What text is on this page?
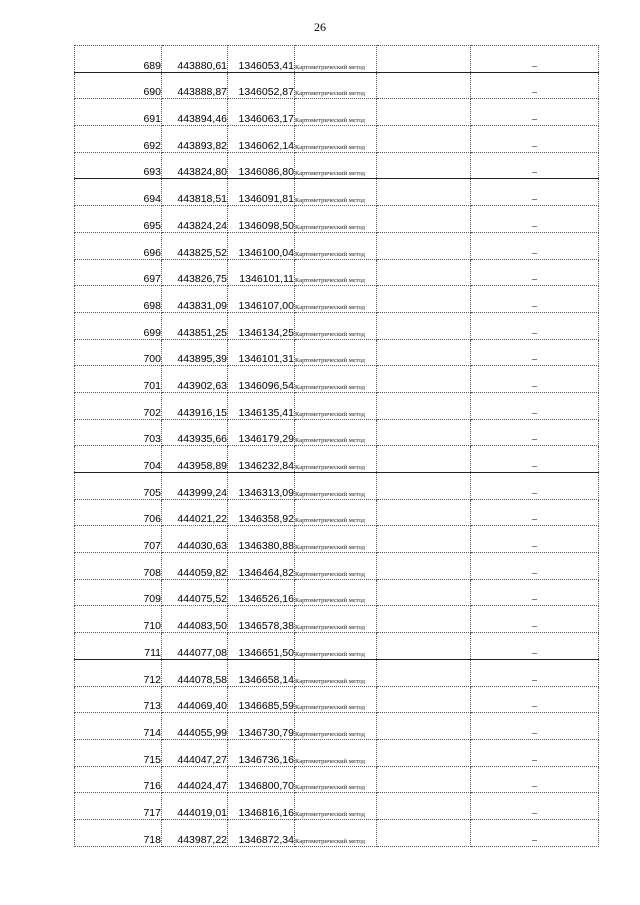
26
689	443880,61	1346053,41	Картометрический метод		–
690	443888,87	1346052,87	Картометрический метод		–
691	443894,46	1346063,17	Картометрический метод		–
692	443893,82	1346062,14	Картометрический метод		–
693	443824,80	1346086,80	Картометрический метод		–
694	443818,51	1346091,81	Картометрический метод		–
695	443824,24	1346098,50	Картометрический метод		–
696	443825,52	1346100,04	Картометрический метод		–
697	443826,75	1346101,11	Картометрический метод		–
698	443831,09	1346107,00	Картометрический метод		–
699	443851,25	1346134,25	Картометрический метод		–
700	443895,39	1346101,31	Картометрический метод		–
701	443902,63	1346096,54	Картометрический метод		–
702	443916,15	1346135,41	Картометрический метод		–
703	443935,66	1346179,29	Картометрический метод		–
704	443958,89	1346232,84	Картометрический метод		–
705	443999,24	1346313,09	Картометрический метод		–
706	444021,22	1346358,92	Картометрический метод		–
707	444030,63	1346380,88	Картометрический метод		–
708	444059,82	1346464,82	Картометрический метод		–
709	444075,52	1346526,16	Картометрический метод		–
710	444083,50	1346578,38	Картометрический метод		–
711	444077,08	1346651,50	Картометрический метод		–
712	444078,58	1346658,14	Картометрический метод		–
713	444069,40	1346685,59	Картометрический метод		–
714	444055,99	1346730,79	Картометрический метод		–
715	444047,27	1346736,16	Картометрический метод		–
716	444024,47	1346800,70	Картометрический метод		–
717	444019,01	1346816,16	Картометрический метод		–
718	443987,22	1346872,34	Картометрический метод		–
